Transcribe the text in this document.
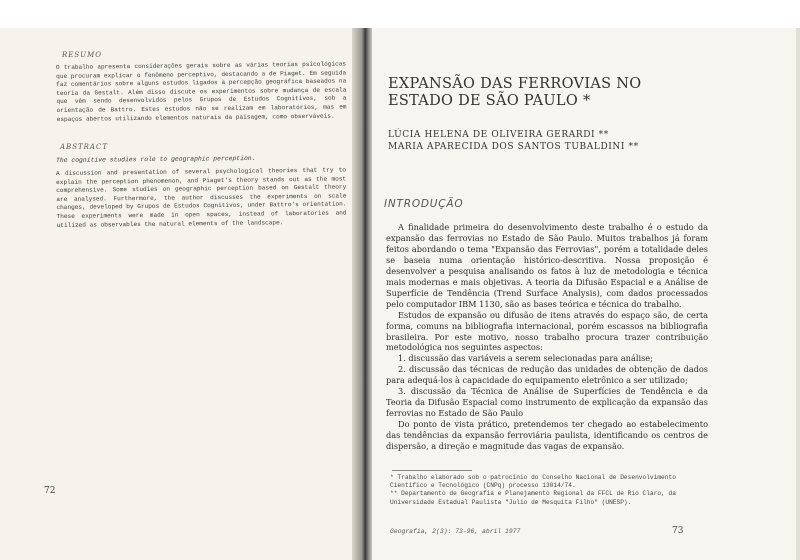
RESUMO
O trabalho apresenta considerações gerais sobre as várias teorias psicológicas que procuram explicar o fenômeno perceptivo, destacando a de Piaget. Em seguida faz comentários sobre alguns estudos ligados à percepção geográfica baseados na teoria da Gestalt. Além disso discute os experimentos sobre mudança de escala que vêm sendo desenvolvidos pelos Grupos de Estudos Cognitivos, sob a orientação de Battro. Estes estudos não se realizam em laboratórios, mas em espaços abertos utilizando elementos naturais da paisagem, como observáveis.
ABSTRACT
The cognitive studies role to geographic perception.
A discussion and presentation of several psychological theories that try to explain the perception phenomenon, and Piaget's theory stands out as the most comprehensive. Some studies on geographic perception based on Gestalt theory are analysed. Furthermore, the author discusses the experiments on scale changes, developed by Grupos de Estudos Cognitivos, under Battro's orientation. These experiments were made in open spaces, instead of laboratories and utilized as observables the natural elements of the landscape.
72
EXPANSÃO DAS FERROVIAS NO
ESTADO DE SÃO PAULO *
LÚCIA HELENA DE OLIVEIRA GERARDI **
MARIA APARECIDA DOS SANTOS TUBALDINI **
INTRODUÇÃO

A finalidade primeira do desenvolvimento deste trabalho é o estudo da expansão das ferrovias no Estado de São Paulo. Muitos trabalhos já foram feitos abordando o tema "Expansão das Ferrovias", porém a totalidade deles se baseia numa orientação histórico-descritiva. Nossa proposição é desenvolver a pesquisa analisando os fatos à luz de metodologia e técnica mais modernas e mais objetivas. A teoria da Difusão Espacial e a Análise de Superfície de Tendência (Trend Surface Analysis), com dados processados pelo computador IBM 1130, são as bases teórica e técnica do trabalho.

Estudos de expansão ou difusão de itens através do espaço são, de certa forma, comuns na bibliografia internacional, porém escassos na bibliografia brasileira. Por este motivo, nosso trabalho procura trazer contribuição metodológica nos seguintes aspectos:

1. discussão das variáveis a serem selecionadas para análise;

2. discussão das técnicas de redução das unidades de obtenção de dados para adequá-los à capacidade do equipamento eletrônico a ser utilizado;

3. discussão da Técnica de Análise de Superfícies de Tendência e da Teoria da Difusão Espacial como instrumento de explicação da expansão das ferrovias no Estado de São Paulo

Do ponto de vista prático, pretendemos ter chegado ao estabelecimento das tendências da expansão ferroviária paulista, identificando os centros de dispersão, a direção e magnitude das vagas de expansão.

* Trabalho elaborado sob o patrocínio do Conselho Nacional de Desenvolvimento Científico e Tecnológico (CNPq) processo 13014/74.

** Departamento de Geografia e Planejamento Regional da FFCL de Rio Claro, da Universidade Estadual Paulista "Julio de Mesquita Filho" (UNESP).

Geografia, 2(3): 73-96, abril 1977	73
